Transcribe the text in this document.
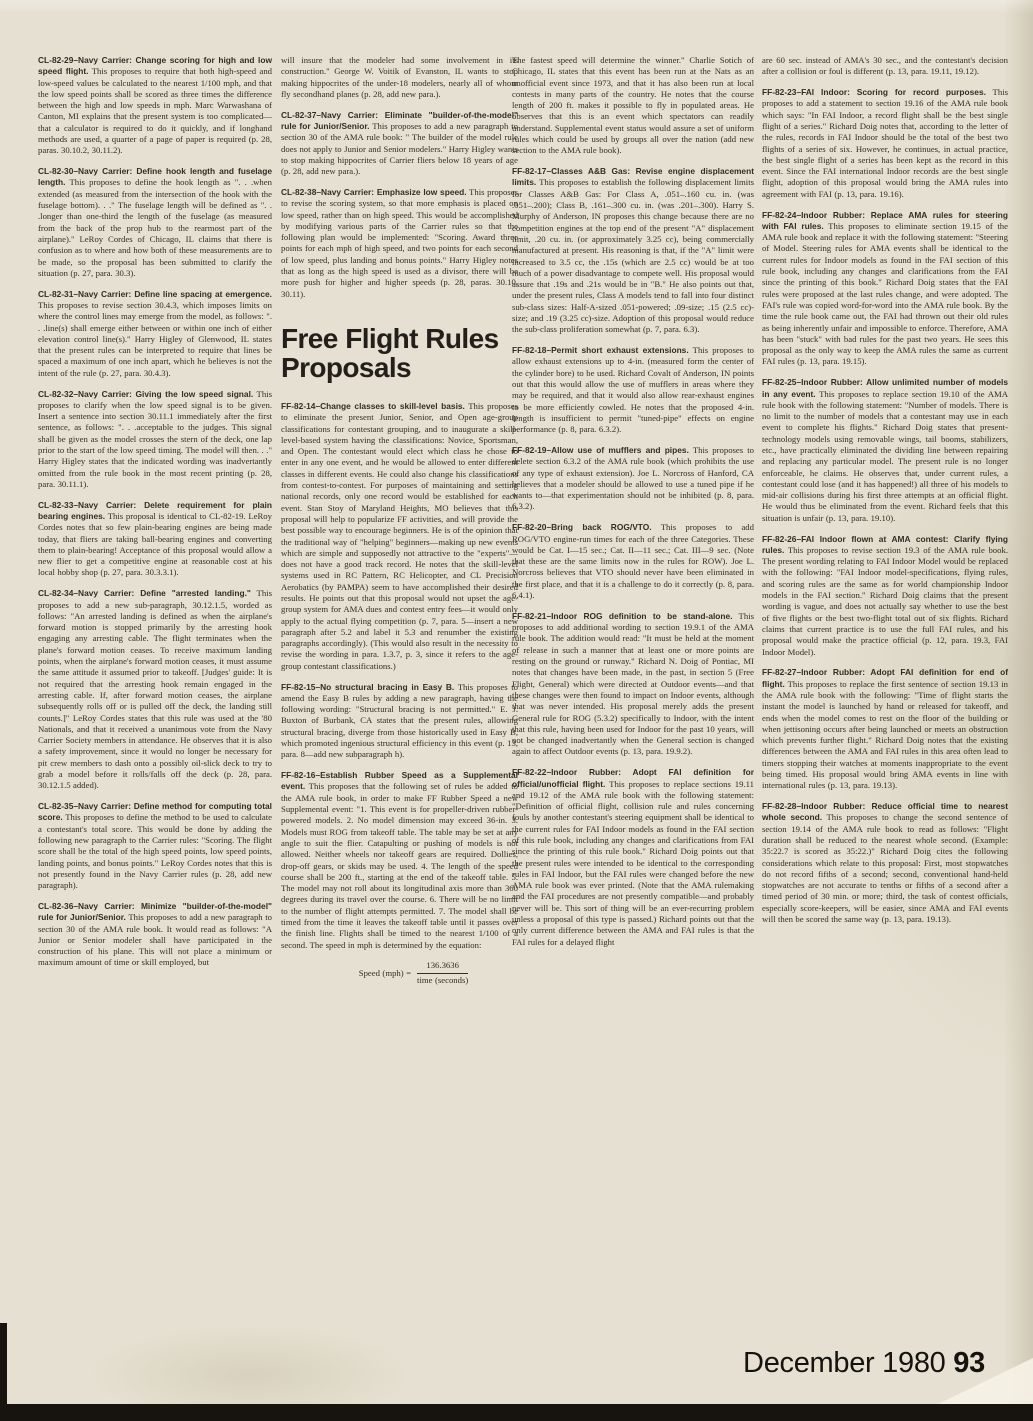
CL-82-29–Navy Carrier: Change scoring for high and low speed flight. This proposes to require that both high-speed and low-speed values be calculated to the nearest 1/100 mph, and that the low speed points shall be scored as three times the difference between the high and low speeds in mph. Marc Warwashana of Canton, MI explains that the present system is too complicated—that a calculator is required to do it quickly, and if longhand methods are used, a quarter of a page of paper is required (p. 28, paras. 30.10.2, 30.11.2).

CL-82-30–Navy Carrier: Define hook length and fuselage length. This proposes to define the hook length as ". . .when extended (as measured from the intersection of the hook with the fuselage bottom). . ." The fuselage length will be defined as ". . .longer than one-third the length of the fuselage (as measured from the back of the prop hub to the rearmost part of the airplane)." LeRoy Cordes of Chicago, IL claims that there is confusion as to where and how both of these measurements are to be made, so the proposal has been submitted to clarify the situation (p. 27, para. 30.3).

CL-82-31–Navy Carrier: Define line spacing at emergence. This proposes to revise section 30.4.3, which imposes limits on where the control lines may emerge from the model, as follows: ". . .line(s) shall emerge either between or within one inch of either elevation control line(s)." Harry Higley of Glenwood, IL states that the present rules can be interpreted to require that lines be spaced a maximum of one inch apart, which he believes is not the intent of the rule (p. 27, para. 30.4.3).

CL-82-32–Navy Carrier: Giving the low speed signal. This proposes to clarify when the low speed signal is to be given. Insert a sentence into section 30.11.1 immediately after the first sentence, as follows: ". . .acceptable to the judges. This signal shall be given as the model crosses the stern of the deck, one lap prior to the start of the low speed timing. The model will then. . ." Harry Higley states that the indicated wording was inadvertantly omitted from the rule book in the most recent printing (p. 28, para. 30.11.1).

CL-82-33–Navy Carrier: Delete requirement for plain bearing engines. This proposal is identical to CL-82-19. LeRoy Cordes notes that so few plain-bearing engines are being made today, that fliers are taking ball-bearing engines and converting them to plain-bearing! Acceptance of this proposal would allow a new flier to get a competitive engine at reasonable cost at his local hobby shop (p. 27, para. 30.3.3.1).

CL-82-34–Navy Carrier: Define "arrested landing." This proposes to add a new sub-paragraph, 30.12.1.5, worded as follows: "An arrested landing is defined as when the airplane's forward motion is stopped primarily by the arresting hook engaging any arresting cable. The flight terminates when the plane's forward motion ceases. To receive maximum landing points, when the airplane's forward motion ceases, it must assume the same attitude it assumed prior to takeoff. [Judges' guide: It is not required that the arresting hook remain engaged in the arresting cable. If, after forward motion ceases, the airplane subsequently rolls off or is pulled off the deck, the landing still counts.]" LeRoy Cordes states that this rule was used at the '80 Nationals, and that it received a unanimous vote from the Navy Carrier Society members in attendance. He observes that it is also a safety improvement, since it would no longer be necessary for pit crew members to dash onto a possibly oil-slick deck to try to grab a model before it rolls/falls off the deck (p. 28, para. 30.12.1.5 added).

CL-82-35–Navy Carrier: Define method for computing total score. This proposes to define the method to be used to calculate a contestant's total score. This would be done by adding the following new paragraph to the Carrier rules: "Scoring. The flight score shall be the total of the high speed points, low speed points, landing points, and bonus points." LeRoy Cordes notes that this is not presently found in the Navy Carrier rules (p. 28, add new paragraph).

CL-82-36–Navy Carrier: Minimize "builder-of-the-model" rule for Junior/Senior. This proposes to add a new paragraph to section 30 of the AMA rule book. It would read as follows: "A Junior or Senior modeler shall have participated in the construction of his plane. This will not place a minimum or maximum amount of time or skill employed, but

will insure that the modeler had some involvement in its construction." George W. Voitik of Evanston, IL wants to stop making hippocrites of the under-18 modelers, nearly all of whom fly secondhand planes (p. 28, add new para.).

CL-82-37–Navy Carrier: Eliminate "builder-of-the-model" rule for Junior/Senior. This proposes to add a new paragraph to section 30 of the AMA rule book: " The builder of the model rule does not apply to Junior and Senior modelers." Harry Higley wants to stop making hippocrites of Carrier fliers below 18 years of age (p. 28, add new para.).

CL-82-38–Navy Carrier: Emphasize low speed. This proposes to revise the scoring system, so that more emphasis is placed on low speed, rather than on high speed. This would be accomplished by modifying various parts of the Carrier rules so that the following plan would be implemented: "Scoring. Award three points for each mph of high speed, and two points for each second of low speed, plus landing and bonus points." Harry Higley notes that as long as the high speed is used as a divisor, there will be more push for higher and higher speeds (p. 28, paras. 30.10, 30.11).

Free Flight Rules Proposals

FF-82-14–Change classes to skill-level basis. This proposes to eliminate the present Junior, Senior, and Open age-group classifications for contestant grouping, and to inaugurate a skill-level-based system having the classifications: Novice, Sportsman, and Open. The contestant would elect which class he chose to enter in any one event, and he would be allowed to enter different classes in different events. He could also change his classifications from contest-to-contest. For purposes of maintaining and setting national records, only one record would be established for each event. Stan Stoy of Maryland Heights, MO believes that this proposal will help to popularize FF activities, and will provide the best possible way to encourage beginners. He is of the opinion that the traditional way of "helping" beginners—making up new events which are simple and supposedly not attractive to the "experts"—does not have a good track record. He notes that the skill-level systems used in RC Pattern, RC Helicopter, and CL Precision Aerobatics (by PAMPA) seem to have accomplished their desired results. He points out that this proposal would not upset the age-group system for AMA dues and contest entry fees—it would only apply to the actual flying competition (p. 7, para. 5—insert a new paragraph after 5.2 and label it 5.3 and renumber the existing paragraphs accordingly). (This would also result in the necessity to revise the wording in para. 1.3.7, p. 3, since it refers to the age-group contestant classifications.)

FF-82-15–No structural bracing in Easy B. This proposes to amend the Easy B rules by adding a new paragraph, having the following wording: "Structural bracing is not permitted." E. J. Buxton of Burbank, CA states that the present rules, allowing structural bracing, diverge from those historically used in Easy B, which promoted ingenious structural efficiency in this event (p. 13, para. 8—add new subparagraph h).

FF-82-16–Establish Rubber Speed as a Supplemental event. This proposes that the following set of rules be added to the AMA rule book, in order to make FF Rubber Speed a new Supplemental event: "1. This event is for propeller-driven rubber-powered models. 2. No model dimension may exceed 36-in. 3. Models must ROG from takeoff table. The table may be set at any angle to suit the flier. Catapulting or pushing of models is not allowed. Neither wheels nor takeoff gears are required. Dollies, drop-off gears, or skids may be used. 4. The length of the speed course shall be 200 ft., starting at the end of the takeoff table. 5. The model may not roll about its longitudinal axis more than 360 degrees during its travel over the course. 6. There will be no limit to the number of flight attempts permitted. 7. The model shall be timed from the time it leaves the takeoff table until it passes over the finish line. Flights shall be timed to the nearest 1/100 of a second. The speed in mph is determined by the equation:

Speed $(mph) = \frac{136.3636}{\text{time (seconds)}}$

The fastest speed will determine the winner." Charlie Sotich of Chicago, IL states that this event has been run at the Nats as an unofficial event since 1973, and that it has also been run at local contests in many parts of the country. He notes that the course length of 200 ft. makes it possible to fly in populated areas. He observes that this is an event which spectators can readily understand. Supplemental event status would assure a set of uniform rules which could be used by groups all over the nation (add new section to the AMA rule book).

FF-82-17–Classes A&B Gas: Revise engine displacement limits. This proposes to establish the following displacement limits for Classes A&B Gas: For Class A, .051–.160 cu. in. (was .051–.200); Class B, .161–.300 cu. in. (was .201–.300). Harry S. Murphy of Anderson, IN proposes this change because there are no competition engines at the top end of the present "A" displacement limit, .20 cu. in. (or approximately 3.25 cc), being commercially manufactured at present. His reasoning is that, if the "A" limit were increased to 3.5 cc, the .15s (which are 2.5 cc) would be at too much of a power disadvantage to compete well. His proposal would assure that .19s and .21s would be in "B." He also points out that, under the present rules, Class A models tend to fall into four distinct sub-class sizes: Half-A-sized .051-powered; .09-size; .15 (2.5 cc)-size; and .19 (3.25 cc)-size. Adoption of this proposal would reduce the sub-class proliferation somewhat (p. 7, para. 6.3).

FF-82-18–Permit short exhaust extensions. This proposes to allow exhaust extensions up to 4-in. (measured form the center of the cylinder bore) to be used. Richard Covalt of Anderson, IN points out that this would allow the use of mufflers in areas where they may be required, and that it would also allow rear-exhaust engines to be more efficiently cowled. He notes that the proposed 4-in. length is insufficient to permit "tuned-pipe" effects on engine performance (p. 8, para. 6.3.2).

FF-82-19–Allow use of mufflers and pipes. This proposes to delete section 6.3.2 of the AMA rule book (which prohibits the use of any type of exhaust extension). Joe L. Norcross of Hanford, CA believes that a modeler should be allowed to use a tuned pipe if he wants to—that experimentation should not be inhibited (p. 8, para. 6.3.2).

FF-82-20–Bring back ROG/VTO. This proposes to add ROG/VTO engine-run times for each of the three Categories. These would be Cat. I—15 sec.; Cat. II—11 sec.; Cat. III—9 sec. (Note that these are the same limits now in the rules for ROW). Joe L. Norcross believes that VTO should never have been eliminated in the first place, and that it is a challenge to do it correctly (p. 8, para. 6.4.1).

FF-82-21–Indoor ROG definition to be stand-alone. This proposes to add additional wording to section 19.9.1 of the AMA rule book. The addition would read: "It must be held at the moment of release in such a manner that at least one or more points are resting on the ground or runway." Richard N. Doig of Pontiac, MI notes that changes have been made, in the past, in section 5 (Free Flight, General) which were directed at Outdoor events—and that these changes were then found to impact on Indoor events, although that was never intended. His proposal merely adds the present General rule for ROG (5.3.2) specifically to Indoor, with the intent that this rule, having been used for Indoor for the past 10 years, will not be changed inadvertantly when the General section is changed again to affect Outdoor events (p. 13, para. 19.9.2).

FF-82-22–Indoor Rubber: Adopt FAI definition for official/unofficial flight. This proposes to replace sections 19.11 and 19.12 of the AMA rule book with the following statement: "Definition of official flight, collision rule and rules concerning fouls by another contestant's steering equipment shall be identical to the current rules for FAI Indoor models as found in the FAI section of this rule book, including any changes and clarifications from FAI since the printing of this rule book." Richard Doig points out that the present rules were intended to be identical to the corresponding rules in FAI Indoor, but the FAI rules were changed before the new AMA rule book was ever printed. (Note that the AMA rulemaking and the FAI procedures are not presently compatible—and probably never will be. This sort of thing will be an ever-recurring problem unless a proposal of this type is passed.) Richard points out that the only current difference between the AMA and FAI rules is that the FAI rules for a delayed flight

are 60 sec. instead of AMA's 30 sec., and the contestant's decision after a collision or foul is different (p. 13, para. 19.11, 19.12).

FF-82-23–FAI Indoor: Scoring for record purposes. This proposes to add a statement to section 19.16 of the AMA rule book which says: "In FAI Indoor, a record flight shall be the best single flight of a series." Richard Doig notes that, according to the letter of the rules, records in FAI Indoor should be the total of the best two flights of a series of six. However, he continues, in actual practice, the best single flight of a series has been kept as the record in this event. Since the FAI international Indoor records are the best single flight, adoption of this proposal would bring the AMA rules into agreement with FAI (p. 13, para. 19.16).

FF-82-24–Indoor Rubber: Replace AMA rules for steering with FAI rules. This proposes to eliminate section 19.15 of the AMA rule book and replace it with the following statement: "Steering of Model. Steering rules for AMA events shall be identical to the current rules for Indoor models as found in the FAI section of this rule book, including any changes and clarifications from the FAI since the printing of this book." Richard Doig states that the FAI rules were proposed at the last rules change, and were adopted. The FAI's rule was copied word-for-word into the AMA rule book. By the time the rule book came out, the FAI had thrown out their old rules as being inherently unfair and impossible to enforce. Therefore, AMA has been "stuck" with bad rules for the past two years. He sees this proposal as the only way to keep the AMA rules the same as current FAI rules (p. 13, para. 19.15).

FF-82-25–Indoor Rubber: Allow unlimited number of models in any event. This proposes to replace section 19.10 of the AMA rule book with the following statement: "Number of models. There is no limit to the number of models that a contestant may use in each event to complete his flights." Richard Doig states that present-technology models using removable wings, tail booms, stabilizers, etc., have practically eliminated the dividing line between repairing and replacing any particular model. The present rule is no longer enforceable, he claims. He observes that, under current rules, a contestant could lose (and it has happened!) all three of his models to mid-air collisions during his first three attempts at an official flight. He would thus be eliminated from the event. Richard feels that this situation is unfair (p. 13, para. 19.10).

FF-82-26–FAI Indoor flown at AMA contest: Clarify flying rules. This proposes to revise section 19.3 of the AMA rule book. The present wording relating to FAI Indoor Model would be replaced with the following: "FAI Indoor model-specifications, flying rules, and scoring rules are the same as for world championship Indoor models in the FAI section." Richard Doig claims that the present wording is vague, and does not actually say whether to use the best of five flights or the best two-flight total out of six flights. Richard claims that current practice is to use the full FAI rules, and his proposal would make the practice official (p. 12, para. 19.3, FAI Indoor Model).

FF-82-27–Indoor Rubber: Adopt FAI definition for end of flight. This proposes to replace the first sentence of section 19.13 in the AMA rule book with the following: "Time of flight starts the instant the model is launched by hand or released for takeoff, and ends when the model comes to rest on the floor of the building or when jettisoning occurs after being launched or meets an obstruction which prevents further flight." Richard Doig notes that the existing differences between the AMA and FAI rules in this area often lead to timers stopping their watches at moments inappropriate to the event being timed. His proposal would bring AMA events in line with international rules (p. 13, para. 19.13).

FF-82-28–Indoor Rubber: Reduce official time to nearest whole second. This proposes to change the second sentence of section 19.14 of the AMA rule book to read as follows: "Flight duration shall be reduced to the nearest whole second. (Example: 35:22.7 is scored as 35:22.)" Richard Doig cites the following considerations which relate to this proposal: First, most stopwatches do not record fifths of a second; second, conventional hand-held stopwatches are not accurate to tenths or fifths of a second after a timed period of 30 min. or more; third, the task of contest officials, especially score-keepers, will be easier, since AMA and FAI events will then be scored the same way (p. 13, para. 19.13).

December 1980 93
